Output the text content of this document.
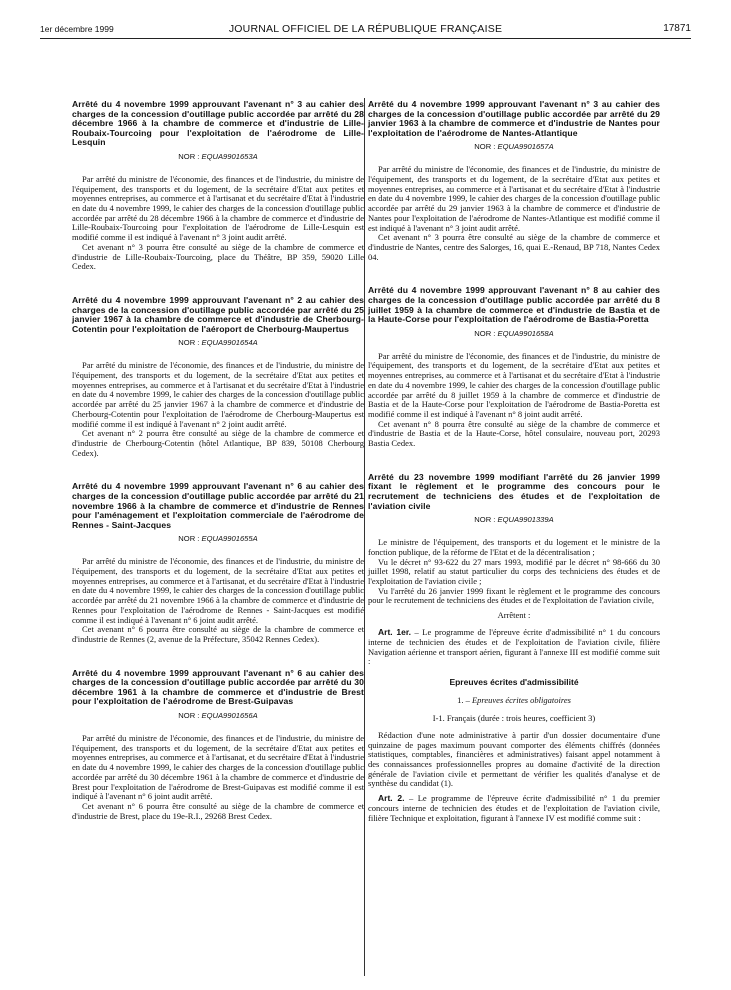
1er décembre 1999	JOURNAL OFFICIEL DE LA RÉPUBLIQUE FRANÇAISE	17871

Arrêté du 4 novembre 1999 approuvant l'avenant n° 3 au cahier des charges de la concession d'outillage public accordée par arrêté du 28 décembre 1966 à la chambre de commerce et d'industrie de Lille-Roubaix-Tourcoing pour l'exploitation de l'aérodrome de Lille-Lesquin

NOR : EQUA9901653A

Par arrêté du ministre de l'économie, des finances et de l'industrie, du ministre de l'équipement, des transports et du logement, de la secrétaire d'Etat aux petites et moyennes entreprises, au commerce et à l'artisanat et du secrétaire d'Etat à l'industrie en date du 4 novembre 1999, le cahier des charges de la concession d'outillage public accordée par arrêté du 28 décembre 1966 à la chambre de commerce et d'industrie de Lille-Roubaix-Tourcoing pour l'exploitation de l'aérodrome de Lille-Lesquin est modifié comme il est indiqué à l'avenant n° 3 joint audit arrêté.

Cet avenant n° 3 pourra être consulté au siège de la chambre de commerce et d'industrie de Lille-Roubaix-Tourcoing, place du Théâtre, BP 359, 59020 Lille Cedex.

Arrêté du 4 novembre 1999 approuvant l'avenant n° 2 au cahier des charges de la concession d'outillage public accordée par arrêté du 25 janvier 1967 à la chambre de commerce et d'industrie de Cherbourg-Cotentin pour l'exploitation de l'aéroport de Cherbourg-Maupertus

NOR : EQUA9901654A

Par arrêté du ministre de l'économie, des finances et de l'industrie, du ministre de l'équipement, des transports et du logement, de la secrétaire d'Etat aux petites et moyennes entreprises, au commerce et à l'artisanat et du secrétaire d'Etat à l'industrie en date du 4 novembre 1999, le cahier des charges de la concession d'outillage public accordée par arrêté du 25 janvier 1967 à la chambre de commerce et d'industrie de Cherbourg-Cotentin pour l'exploitation de l'aérodrome de Cherbourg-Maupertus est modifié comme il est indiqué à l'avenant n° 2 joint audit arrêté.

Cet avenant n° 2 pourra être consulté au siège de la chambre de commerce et d'industrie de Cherbourg-Cotentin (hôtel Atlantique, BP 839, 50108 Cherbourg Cedex).

Arrêté du 4 novembre 1999 approuvant l'avenant n° 6 au cahier des charges de la concession d'outillage public accordée par arrêté du 21 novembre 1966 à la chambre de commerce et d'industrie de Rennes pour l'aménagement et l'exploitation commerciale de l'aérodrome de Rennes - Saint-Jacques

NOR : EQUA9901655A

Par arrêté du ministre de l'économie, des finances et de l'industrie, du ministre de l'équipement, des transports et du logement, de la secrétaire d'Etat aux petites et moyennes entreprises, au commerce et à l'artisanat, et du secrétaire d'Etat à l'industrie en date du 4 novembre 1999, le cahier des charges de la concession d'outillage public accordée par arrêté du 21 novembre 1966 à la chambre de commerce et d'industrie de Rennes pour l'exploitation de l'aérodrome de Rennes - Saint-Jacques est modifié comme il est indiqué à l'avenant n° 6 joint audit arrêté.

Cet avenant n° 6 pourra être consulté au siège de la chambre de commerce et d'industrie de Rennes (2, avenue de la Préfecture, 35042 Rennes Cedex).

Arrêté du 4 novembre 1999 approuvant l'avenant n° 6 au cahier des charges de la concession d'outillage public accordée par arrêté du 30 décembre 1961 à la chambre de commerce et d'industrie de Brest pour l'exploitation de l'aérodrome de Brest-Guipavas

NOR : EQUA9901656A

Par arrêté du ministre de l'économie, des finances et de l'industrie, du ministre de l'équipement, des transports et du logement, de la secrétaire d'Etat aux petites et moyennes entreprises, au commerce et à l'artisanat, et du secrétaire d'Etat à l'industrie en date du 4 novembre 1999, le cahier des charges de la concession d'outillage public accordée par arrêté du 30 décembre 1961 à la chambre de commerce et d'industrie de Brest pour l'exploitation de l'aérodrome de Brest-Guipavas est modifié comme il est indiqué à l'avenant n° 6 joint audit arrêté.

Cet avenant n° 6 pourra être consulté au siège de la chambre de commerce et d'industrie de Brest, place du 19e-R.I., 29268 Brest Cedex.

Arrêté du 4 novembre 1999 approuvant l'avenant n° 3 au cahier des charges de la concession d'outillage public accordée par arrêté du 29 janvier 1963 à la chambre de commerce et d'industrie de Nantes pour l'exploitation de l'aérodrome de Nantes-Atlantique

NOR : EQUA9901657A

Par arrêté du ministre de l'économie, des finances et de l'industrie, du ministre de l'équipement, des transports et du logement, de la secrétaire d'Etat aux petites et moyennes entreprises, au commerce et à l'artisanat et du secrétaire d'Etat à l'industrie en date du 4 novembre 1999, le cahier des charges de la concession d'outillage public accordée par arrêté du 29 janvier 1963 à la chambre de commerce et d'industrie de Nantes pour l'exploitation de l'aérodrome de Nantes-Atlantique est modifié comme il est indiqué à l'avenant n° 3 joint audit arrêté.

Cet avenant n° 3 pourra être consulté au siège de la chambre de commerce et d'industrie de Nantes, centre des Salorges, 16, quai E.-Renaud, BP 718, Nantes Cedex 04.

Arrêté du 4 novembre 1999 approuvant l'avenant n° 8 au cahier des charges de la concession d'outillage public accordée par arrêté du 8 juillet 1959 à la chambre de commerce et d'industrie de Bastia et de la Haute-Corse pour l'exploitation de l'aérodrome de Bastia-Poretta

NOR : EQUA9901658A

Par arrêté du ministre de l'économie, des finances et de l'industrie, du ministre de l'équipement, des transports et du logement, de la secrétaire d'Etat aux petites et moyennes entreprises, au commerce et à l'artisanat et du secrétaire d'Etat à l'industrie en date du 4 novembre 1999, le cahier des charges de la concession d'outillage public accordée par arrêté du 8 juillet 1959 à la chambre de commerce et d'industrie de Bastia et de la Haute-Corse pour l'exploitation de l'aérodrome de Bastia-Poretta est modifié comme il est indiqué à l'avenant n° 8 joint audit arrêté.

Cet avenant n° 8 pourra être consulté au siège de la chambre de commerce et d'industrie de Bastia et de la Haute-Corse, hôtel consulaire, nouveau port, 20293 Bastia Cedex.

Arrêté du 23 novembre 1999 modifiant l'arrêté du 26 janvier 1999 fixant le règlement et le programme des concours pour le recrutement de techniciens des études et de l'exploitation de l'aviation civile

NOR : EQUA9901339A

Le ministre de l'équipement, des transports et du logement et le ministre de la fonction publique, de la réforme de l'Etat et de la décentralisation ;

Vu le décret n° 93-622 du 27 mars 1993, modifié par le décret n° 98-666 du 30 juillet 1998, relatif au statut particulier du corps des techniciens des études et de l'exploitation de l'aviation civile ;

Vu l'arrêté du 26 janvier 1999 fixant le règlement et le programme des concours pour le recrutement de techniciens des études et de l'exploitation de l'aviation civile,

Arrêtent :

Art. 1er. – Le programme de l'épreuve écrite d'admissibilité n° 1 du concours interne de technicien des études et de l'exploitation de l'aviation civile, filière Navigation aérienne et transport aérien, figurant à l'annexe III est modifié comme suit :

Epreuves écrites d'admissibilité

1. – Epreuves écrites obligatoires

I-1. Français (durée : trois heures, coefficient 3)

Rédaction d'une note administrative à partir d'un dossier documentaire d'une quinzaine de pages maximum pouvant comporter des éléments chiffrés (données statistiques, comptables, financières et administratives) faisant appel notamment à des connaissances professionnelles propres au domaine d'activité de la direction générale de l'aviation civile et permettant de vérifier les qualités d'analyse et de synthèse du candidat (1).

Art. 2. – Le programme de l'épreuve écrite d'admissibilité n° 1 du premier concours interne de technicien des études et de l'exploitation de l'aviation civile, filière Technique et exploitation, figurant à l'annexe IV est modifié comme suit :
